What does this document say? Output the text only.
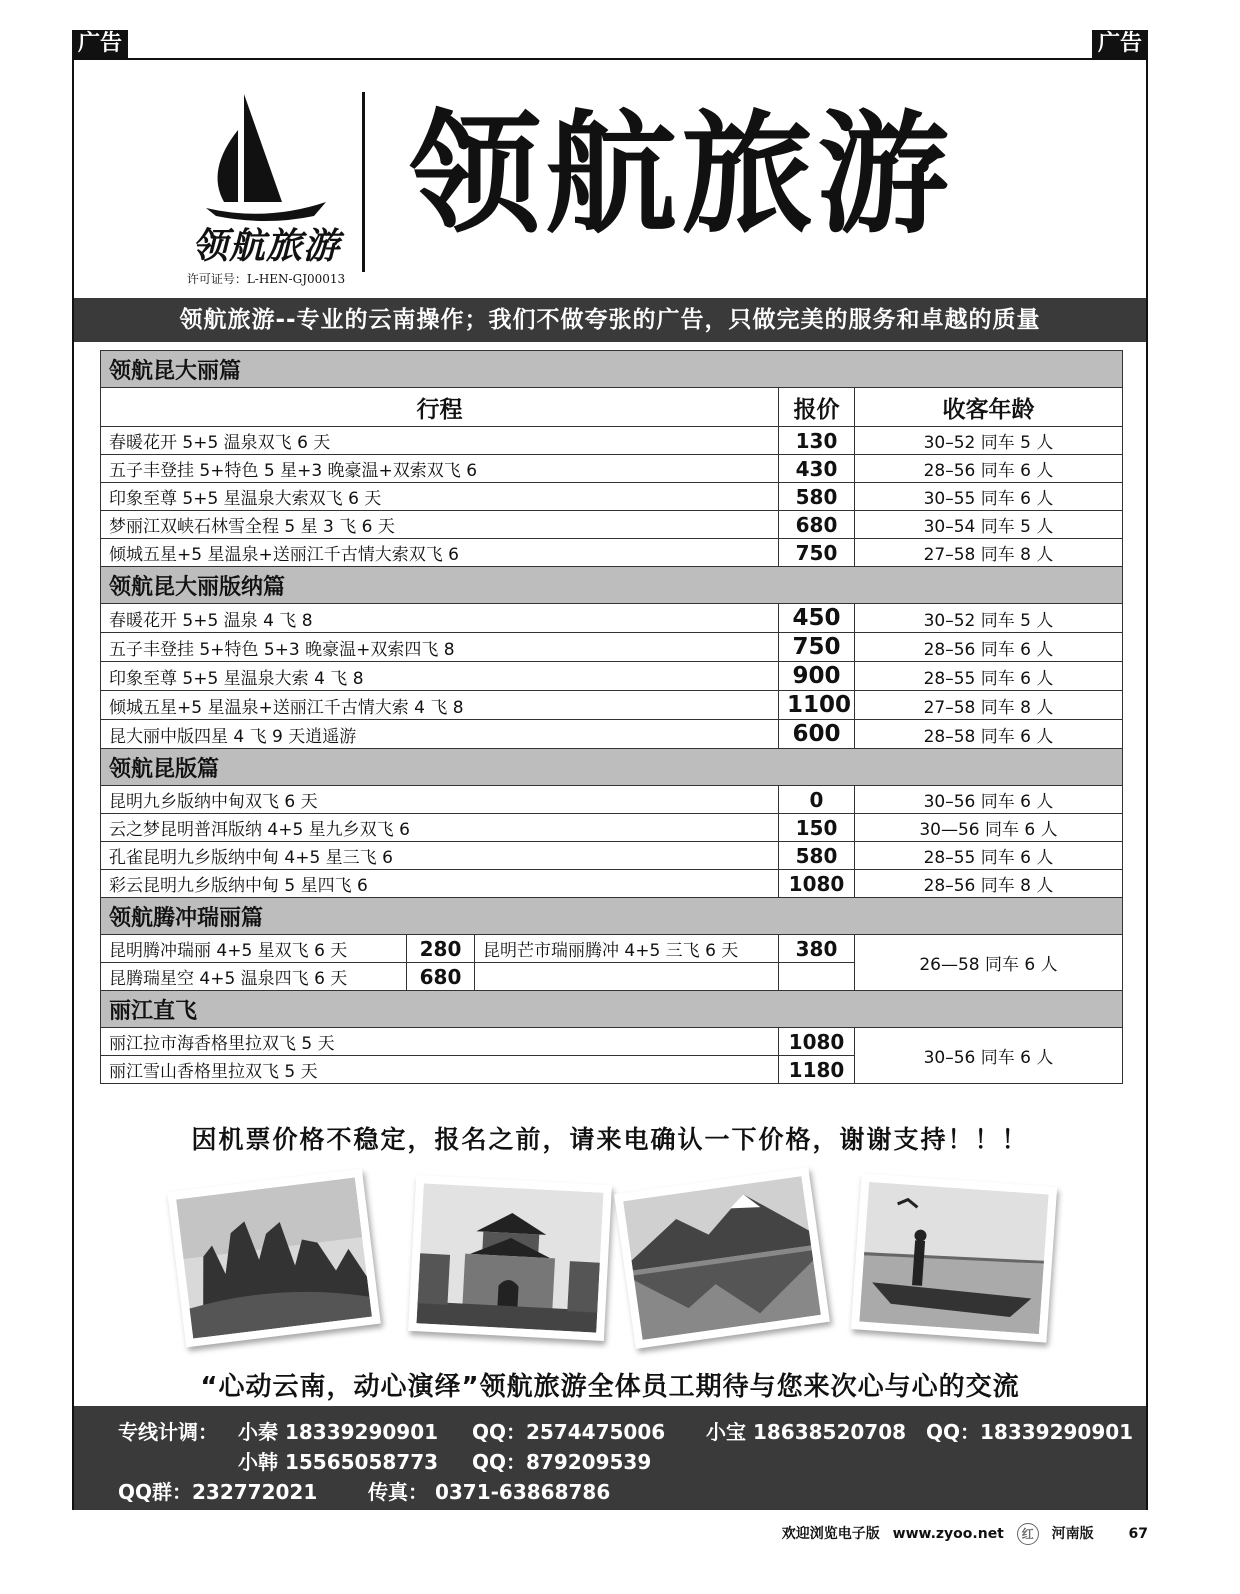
广告	广告
领航旅游
许可证号：L-HEN-GJ00013
领航旅游
领航旅游--专业的云南操作；我们不做夸张的广告，只做完美的服务和卓越的质量
领航昆大丽篇				
行程			报价	收客年龄
春暖花开 5+5 温泉双飞 6 天			130	30–52 同车 5 人
五子丰登挂 5+特色 5 星+3 晚豪温+双索双飞 6			430	28–56 同车 6 人
印象至尊 5+5 星温泉大索双飞 6 天			580	30–55 同车 6 人
梦丽江双峡石林雪全程 5 星 3 飞 6 天			680	30–54 同车 5 人
倾城五星+5 星温泉+送丽江千古情大索双飞 6			750	27–58 同车 8 人
领航昆大丽版纳篇				
春暖花开 5+5 温泉 4 飞 8			450	30–52 同车 5 人
五子丰登挂 5+特色 5+3 晚豪温+双索四飞 8			750	28–56 同车 6 人
印象至尊 5+5 星温泉大索 4 飞 8			900	28–55 同车 6 人
倾城五星+5 星温泉+送丽江千古情大索 4 飞 8			1100	27–58 同车 8 人
昆大丽中版四星 4 飞 9 天逍遥游			600	28–58 同车 6 人
领航昆版篇				
昆明九乡版纳中甸双飞 6 天			0	30–56 同车 6 人
云之梦昆明普洱版纳 4+5 星九乡双飞 6			150	30—56 同车 6 人
孔雀昆明九乡版纳中甸 4+5 星三飞 6			580	28–55 同车 6 人
彩云昆明九乡版纳中甸 5 星四飞 6			1080	28–56 同车 8 人
领航腾冲瑞丽篇				
昆明腾冲瑞丽 4+5 星双飞 6 天	280	昆明芒市瑞丽腾冲 4+5 三飞 6 天	380	26—58 同车 6 人
昆腾瑞星空 4+5 温泉四飞 6 天	680			
丽江直飞				
丽江拉市海香格里拉双飞 5 天			1080	30–56 同车 6 人
丽江雪山香格里拉双飞 5 天			1180	
因机票价格不稳定，报名之前，请来电确认一下价格，谢谢支持！！！
“心动云南，动心演绎”领航旅游全体员工期待与您来次心与心的交流
专线计调： 小秦 18339290901 QQ：2574475006 小宝 18638520708 QQ：18339290901
小韩 15565058773 QQ：879209539
QQ群：232772021	传真： 0371-63868786
欢迎浏览电子版 www.zyoo.net 红 河南版 67
